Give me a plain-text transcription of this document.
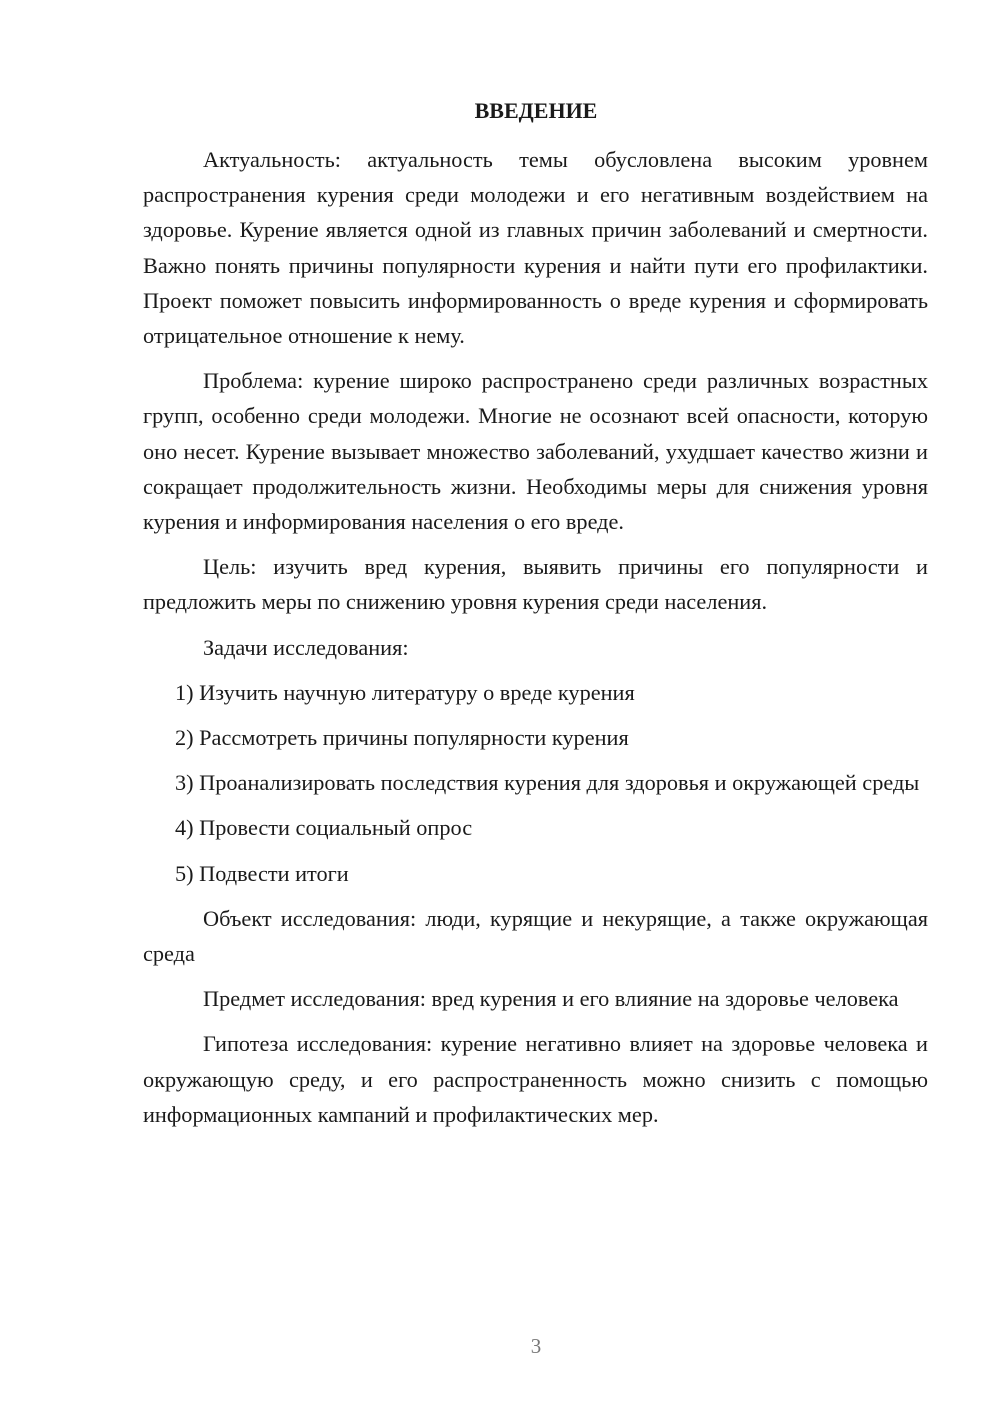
ВВЕДЕНИЕ

Актуальность: актуальность темы обусловлена высоким уровнем распространения курения среди молодежи и его негативным воздействием на здоровье. Курение является одной из главных причин заболеваний и смертности. Важно понять причины популярности курения и найти пути его профилактики. Проект поможет повысить информированность о вреде курения и сформировать отрицательное отношение к нему.

Проблема: курение широко распространено среди различных возрастных групп, особенно среди молодежи. Многие не осознают всей опасности, которую оно несет. Курение вызывает множество заболеваний, ухудшает качество жизни и сокращает продолжительность жизни. Необходимы меры для снижения уровня курения и информирования населения о его вреде.

Цель: изучить вред курения, выявить причины его популярности и предложить меры по снижению уровня курения среди населения.

Задачи исследования:

1) Изучить научную литературу о вреде курения

2) Рассмотреть причины популярности курения

3) Проанализировать последствия курения для здоровья и окружающей среды

4) Провести социальный опрос

5) Подвести итоги

Объект исследования: люди, курящие и некурящие, а также окружающая среда

Предмет исследования: вред курения и его влияние на здоровье человека

Гипотеза исследования: курение негативно влияет на здоровье человека и окружающую среду, и его распространенность можно снизить с помощью информационных кампаний и профилактических мер.

3
